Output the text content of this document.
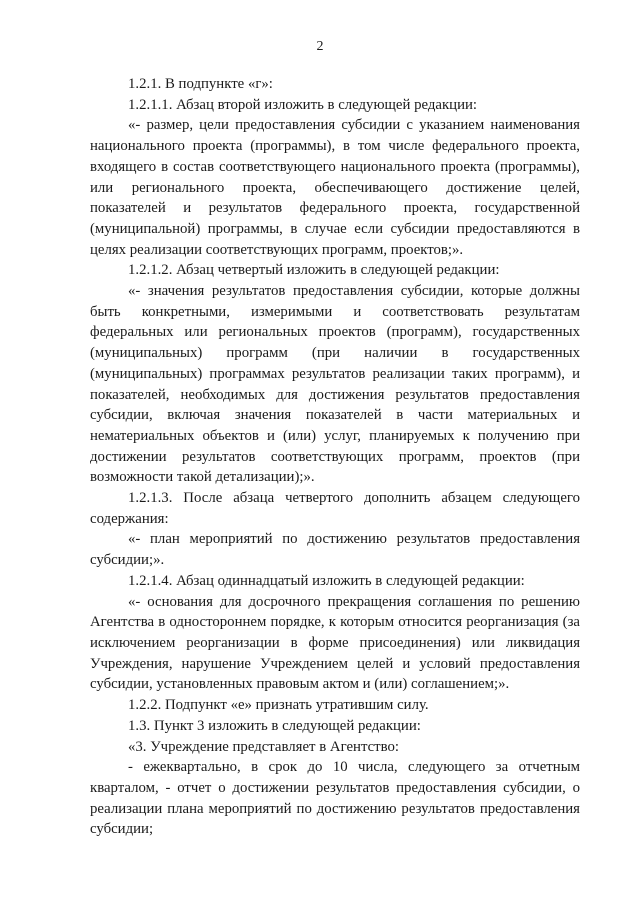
2

1.2.1. В подпункте «г»:

1.2.1.1. Абзац второй изложить в следующей редакции:

«- размер, цели предоставления субсидии с указанием наименования национального проекта (программы), в том числе федерального проекта, входящего в состав соответствующего национального проекта (программы), или регионального проекта, обеспечивающего достижение целей, показателей и результатов федерального проекта, государственной (муниципальной) программы, в случае если субсидии предоставляются в целях реализации соответствующих программ, проектов;».

1.2.1.2. Абзац четвертый изложить в следующей редакции:

«- значения результатов предоставления субсидии, которые должны быть конкретными, измеримыми и соответствовать результатам федеральных или региональных проектов (программ), государственных (муниципальных) программ (при наличии в государственных (муниципальных) программах результатов реализации таких программ), и показателей, необходимых для достижения результатов предоставления субсидии, включая значения показателей в части материальных и нематериальных объектов и (или) услуг, планируемых к получению при достижении результатов соответствующих программ, проектов (при возможности такой детализации);».

1.2.1.3. После абзаца четвертого дополнить абзацем следующего содержания:

«- план мероприятий по достижению результатов предоставления субсидии;».

1.2.1.4. Абзац одиннадцатый изложить в следующей редакции:

«- основания для досрочного прекращения соглашения по решению Агентства в одностороннем порядке, к которым относится реорганизация (за исключением реорганизации в форме присоединения) или ликвидация Учреждения, нарушение Учреждением целей и условий предоставления субсидии, установленных правовым актом и (или) соглашением;».

1.2.2. Подпункт «е» признать утратившим силу.

1.3. Пункт 3 изложить в следующей редакции:

«3. Учреждение представляет в Агентство:

- ежеквартально, в срок до 10 числа, следующего за отчетным кварталом, - отчет о достижении результатов предоставления субсидии, о реализации плана мероприятий по достижению результатов предоставления субсидии;
